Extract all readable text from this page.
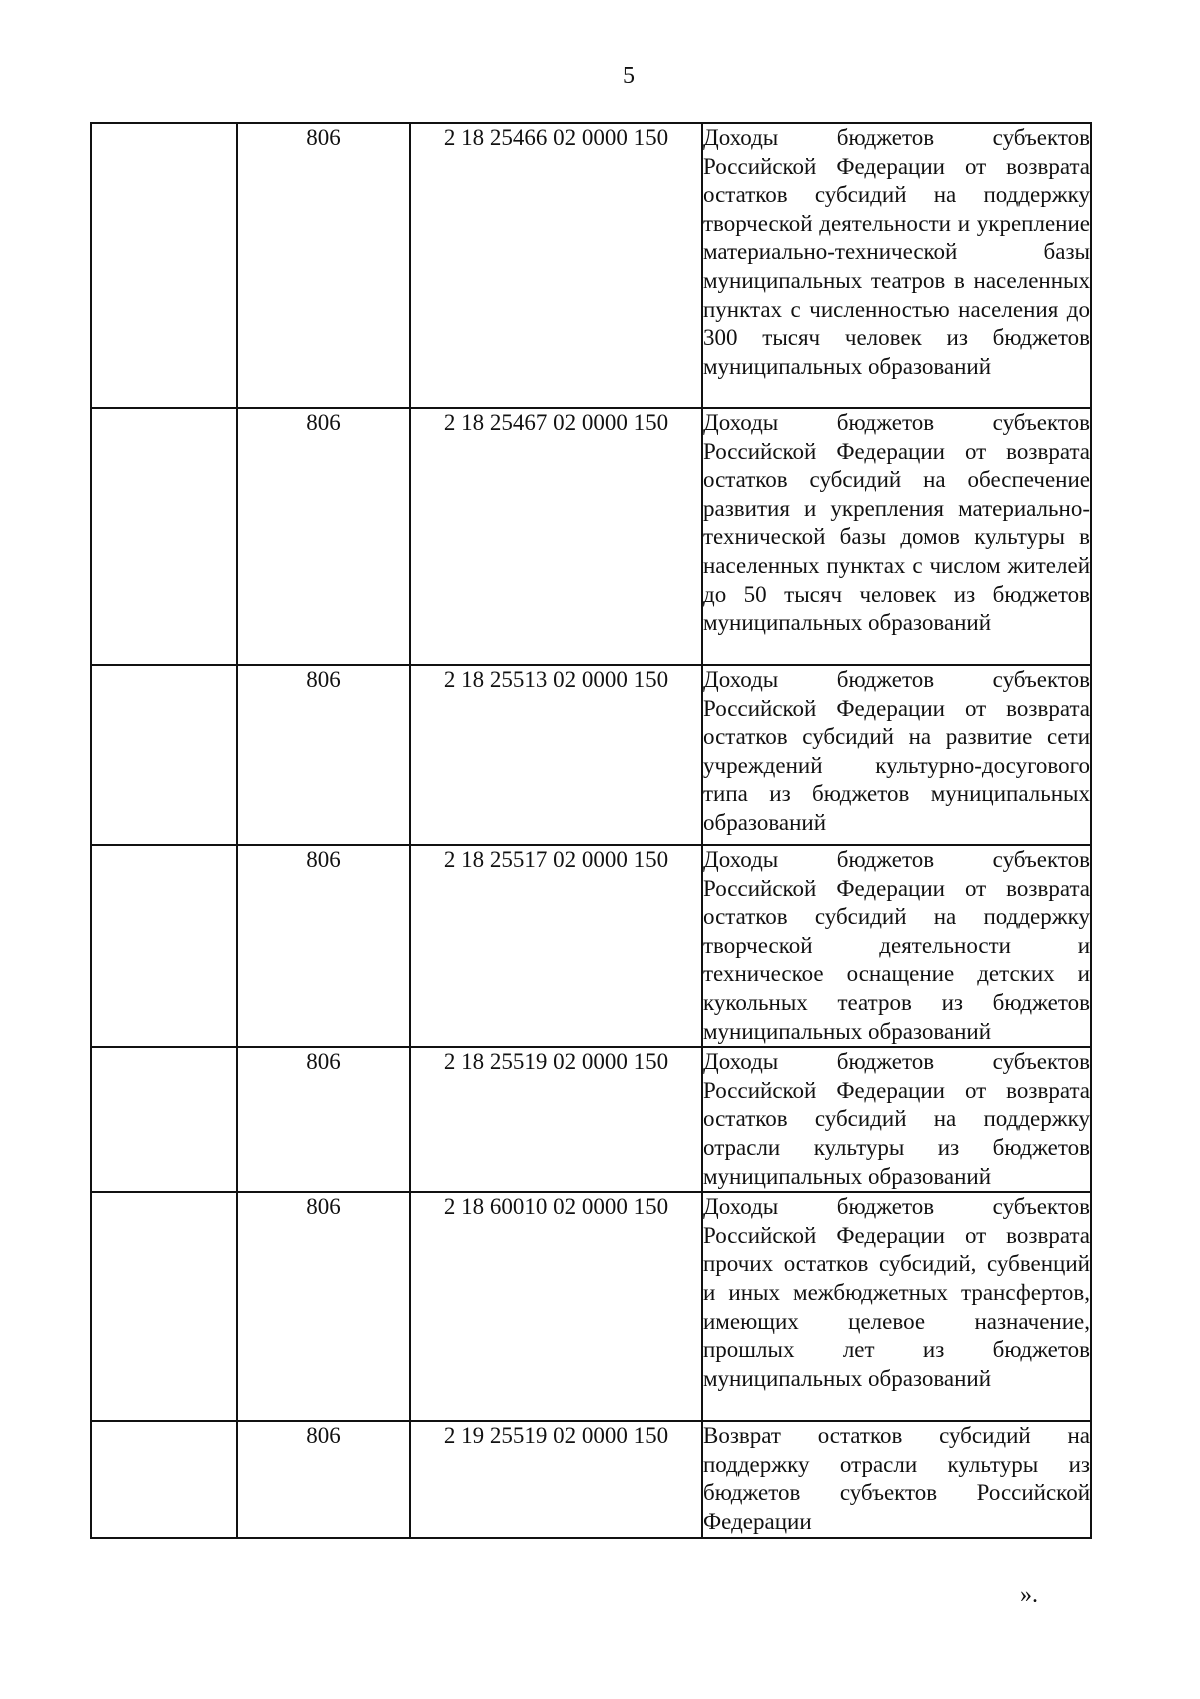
5
	806	2 18 25466 02 0000 150	Доходы бюджетов субъектов Российской Федерации от возврата остатков субсидий на поддержку творческой деятельности и укрепление материально-технической базы муниципальных театров в населенных пунктах с численностью населения до 300 тысяч человек из бюджетов муниципальных образований
	806	2 18 25467 02 0000 150	Доходы бюджетов субъектов Российской Федерации от возврата остатков субсидий на обеспечение развития и укрепления материально-технической базы домов культуры в населенных пунктах с числом жителей до 50 тысяч человек из бюджетов муниципальных образований
	806	2 18 25513 02 0000 150	Доходы бюджетов субъектов Российской Федерации от возврата остатков субсидий на развитие сети учреждений культурно-досугового типа из бюджетов муниципальных образований
	806	2 18 25517 02 0000 150	Доходы бюджетов субъектов Российской Федерации от возврата остатков субсидий на поддержку творческой деятельности и техническое оснащение детских и кукольных театров из бюджетов муниципальных образований
	806	2 18 25519 02 0000 150	Доходы бюджетов субъектов Российской Федерации от возврата остатков субсидий на поддержку отрасли культуры из бюджетов муниципальных образований
	806	2 18 60010 02 0000 150	Доходы бюджетов субъектов Российской Федерации от возврата прочих остатков субсидий, субвенций и иных межбюджетных трансфертов, имеющих целевое назначение, прошлых лет из бюджетов муниципальных образований
	806	2 19 25519 02 0000 150	Возврат остатков субсидий на поддержку отрасли культуры из бюджетов субъектов Российской Федерации
».
